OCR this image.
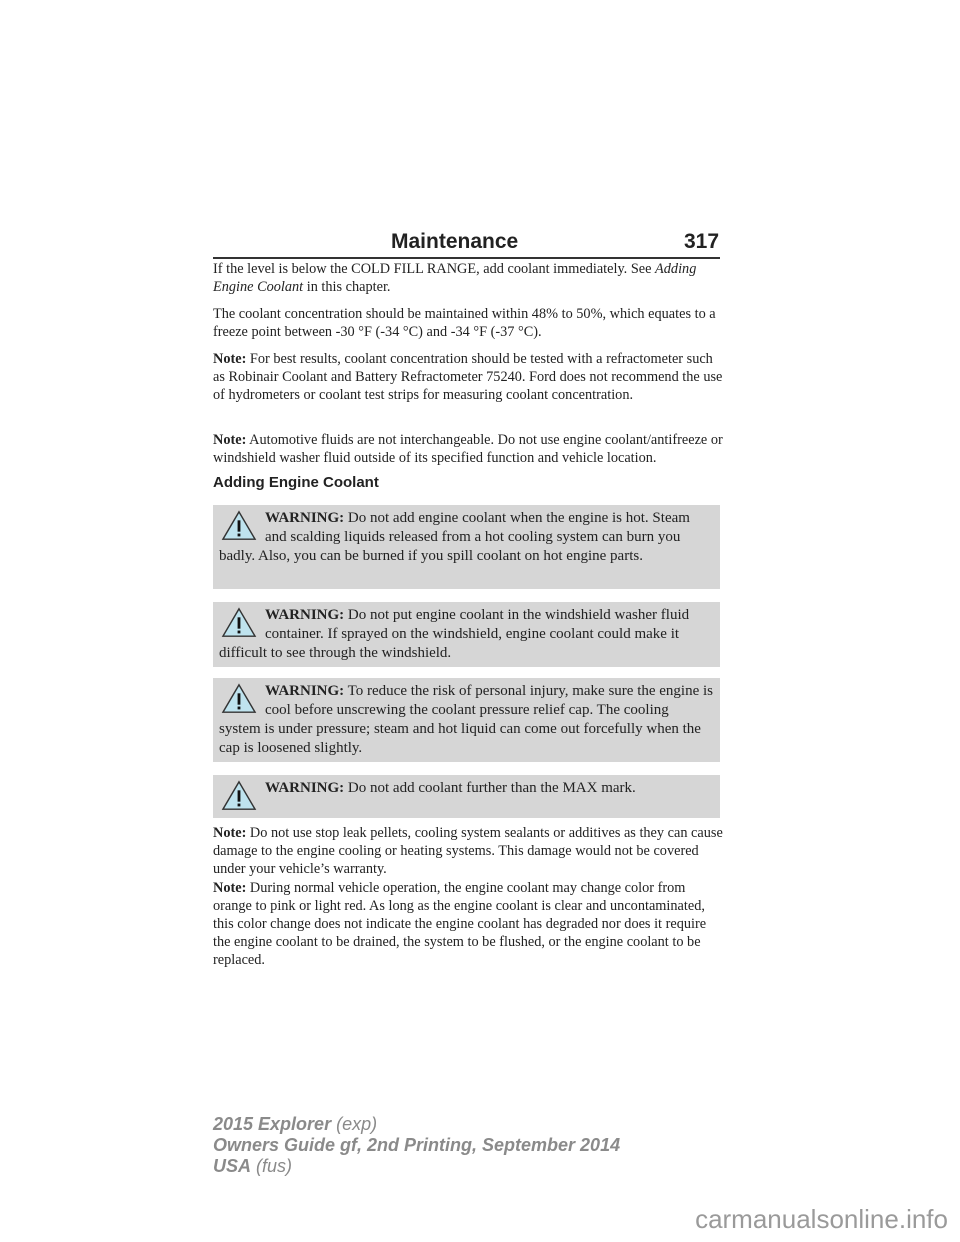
Maintenance	317
If the level is below the COLD FILL RANGE, add coolant immediately. See Adding Engine Coolant in this chapter.
The coolant concentration should be maintained within 48% to 50%, which equates to a freeze point between -30 °F (-34 °C) and -34 °F (-37 °C).
Note: For best results, coolant concentration should be tested with a refractometer such as Robinair Coolant and Battery Refractometer 75240. Ford does not recommend the use of hydrometers or coolant test strips for measuring coolant concentration.
Note: Automotive fluids are not interchangeable. Do not use engine coolant/antifreeze or windshield washer fluid outside of its specified function and vehicle location.
Adding Engine Coolant
WARNING: Do not add engine coolant when the engine is hot. Steam and scalding liquids released from a hot cooling system can burn you badly. Also, you can be burned if you spill coolant on hot engine parts.
WARNING: Do not put engine coolant in the windshield washer fluid container. If sprayed on the windshield, engine coolant could make it difficult to see through the windshield.
WARNING: To reduce the risk of personal injury, make sure the engine is cool before unscrewing the coolant pressure relief cap. The cooling system is under pressure; steam and hot liquid can come out forcefully when the cap is loosened slightly.
WARNING: Do not add coolant further than the MAX mark.
Note: Do not use stop leak pellets, cooling system sealants or additives as they can cause damage to the engine cooling or heating systems. This damage would not be covered under your vehicle’s warranty.
Note: During normal vehicle operation, the engine coolant may change color from orange to pink or light red. As long as the engine coolant is clear and uncontaminated, this color change does not indicate the engine coolant has degraded nor does it require the engine coolant to be drained, the system to be flushed, or the engine coolant to be replaced.
2015 Explorer (exp)
Owners Guide gf, 2nd Printing, September 2014
USA (fus)
carmanualsonline.info
